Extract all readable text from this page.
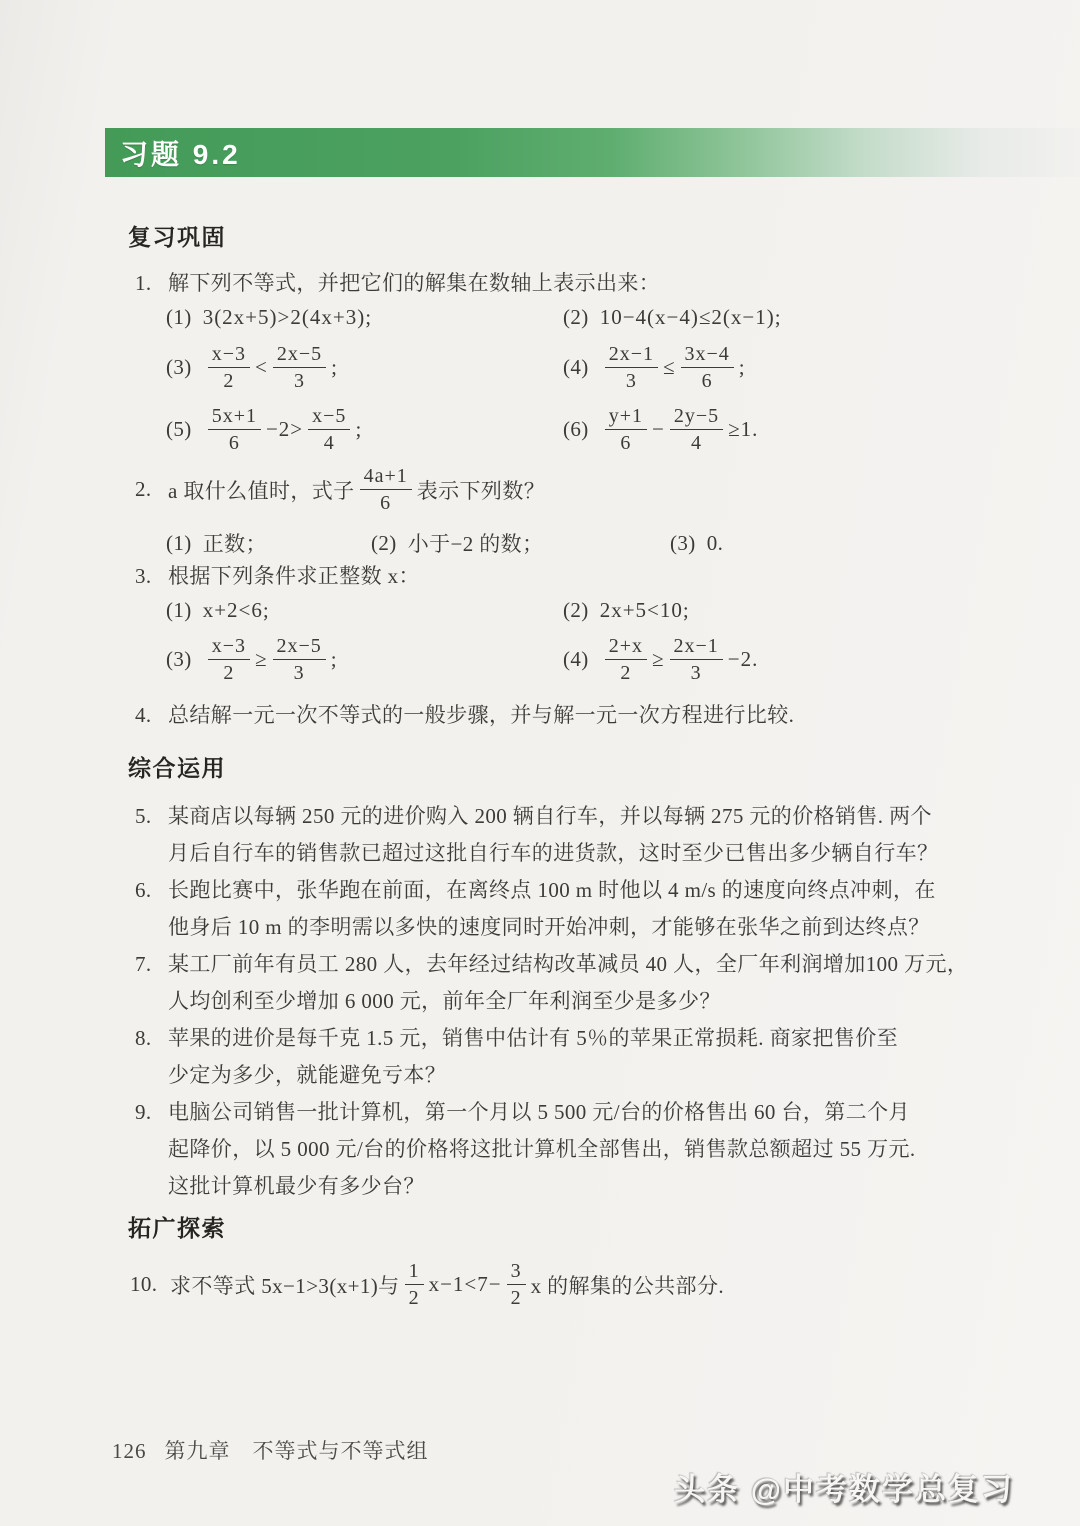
习题 9.2
复习巩固
1. 解下列不等式，并把它们的解集在数轴上表示出来：
(1) 3(2x+5)>2(4x+3);	(2) 10−4(x−4)≤2(x−1);
$(3) \frac{x-3}{2} < \frac{2x-5}{3}$ ;	$(4) \frac{2x-1}{3} \le \frac{3x-4}{6}$ ;
$(5) \frac{5x+1}{6} -2> \frac{x-5}{4}$ ;	$(6) \frac{y+1}{6} - \frac{2y-5}{4} \ge 1$.
2. a 取什么值时，式子 $\frac{4a+1}{6}$ 表示下列数？
(1) 正数；	(2) 小于−2 的数；	(3) 0.
3. 根据下列条件求正整数 x：
(1) x+2<6;	(2) 2x+5<10;
$(3) \frac{x-3}{2} \ge \frac{2x-5}{3}$ ;	$(4) \frac{2+x}{2} \ge \frac{2x-1}{3} -2$.
4. 总结解一元一次不等式的一般步骤，并与解一元一次方程进行比较.
综合运用
5. 某商店以每辆 250 元的进价购入 200 辆自行车，并以每辆 275 元的价格销售. 两个
月后自行车的销售款已超过这批自行车的进货款，这时至少已售出多少辆自行车？
6. 长跑比赛中，张华跑在前面，在离终点 100 m 时他以 4 m/s 的速度向终点冲刺，在
他身后 10 m 的李明需以多快的速度同时开始冲刺，才能够在张华之前到达终点？
7. 某工厂前年有员工 280 人，去年经过结构改革减员 40 人，全厂年利润增加100 万元，
人均创利至少增加 6 000 元，前年全厂年利润至少是多少？
8. 苹果的进价是每千克 1.5 元，销售中估计有 5％的苹果正常损耗. 商家把售价至
少定为多少，就能避免亏本？
9. 电脑公司销售一批计算机，第一个月以 5 500 元/台的价格售出 60 台，第二个月
起降价，以 5 000 元/台的价格将这批计算机全部售出，销售款总额超过 55 万元.
这批计算机最少有多少台？
拓广探索
10. 求不等式 5x−1>3(x+1)与 $\frac{1}{2} x-1<7- \frac{3}{2}$ x 的解集的公共部分.
126 第九章 不等式与不等式组
头条 @中考数学总复习
